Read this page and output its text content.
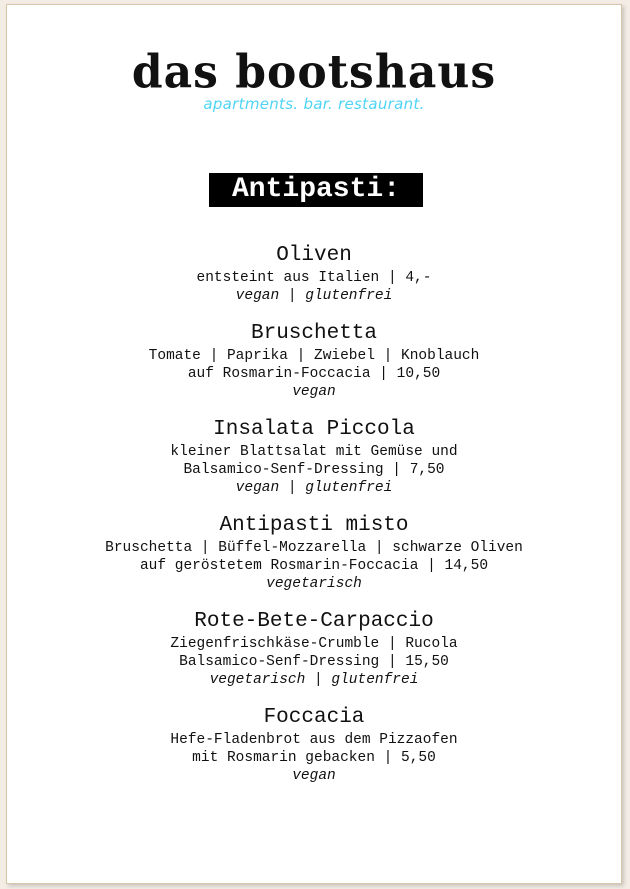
das bootshaus
apartments. bar. restaurant.
Antipasti:
Oliven
entsteint aus Italien | 4,-
vegan | glutenfrei
Bruschetta
Tomate | Paprika | Zwiebel | Knoblauch
auf Rosmarin-Foccacia | 10,50
vegan
Insalata Piccola
kleiner Blattsalat mit Gemüse und
Balsamico-Senf-Dressing | 7,50
vegan | glutenfrei
Antipasti misto
Bruschetta | Büffel-Mozzarella | schwarze Oliven
auf geröstetem Rosmarin-Foccacia | 14,50
vegetarisch
Rote-Bete-Carpaccio
Ziegenfrischkäse-Crumble | Rucola
Balsamico-Senf-Dressing | 15,50
vegetarisch | glutenfrei
Foccacia
Hefe-Fladenbrot aus dem Pizzaofen
mit Rosmarin gebacken | 5,50
vegan
